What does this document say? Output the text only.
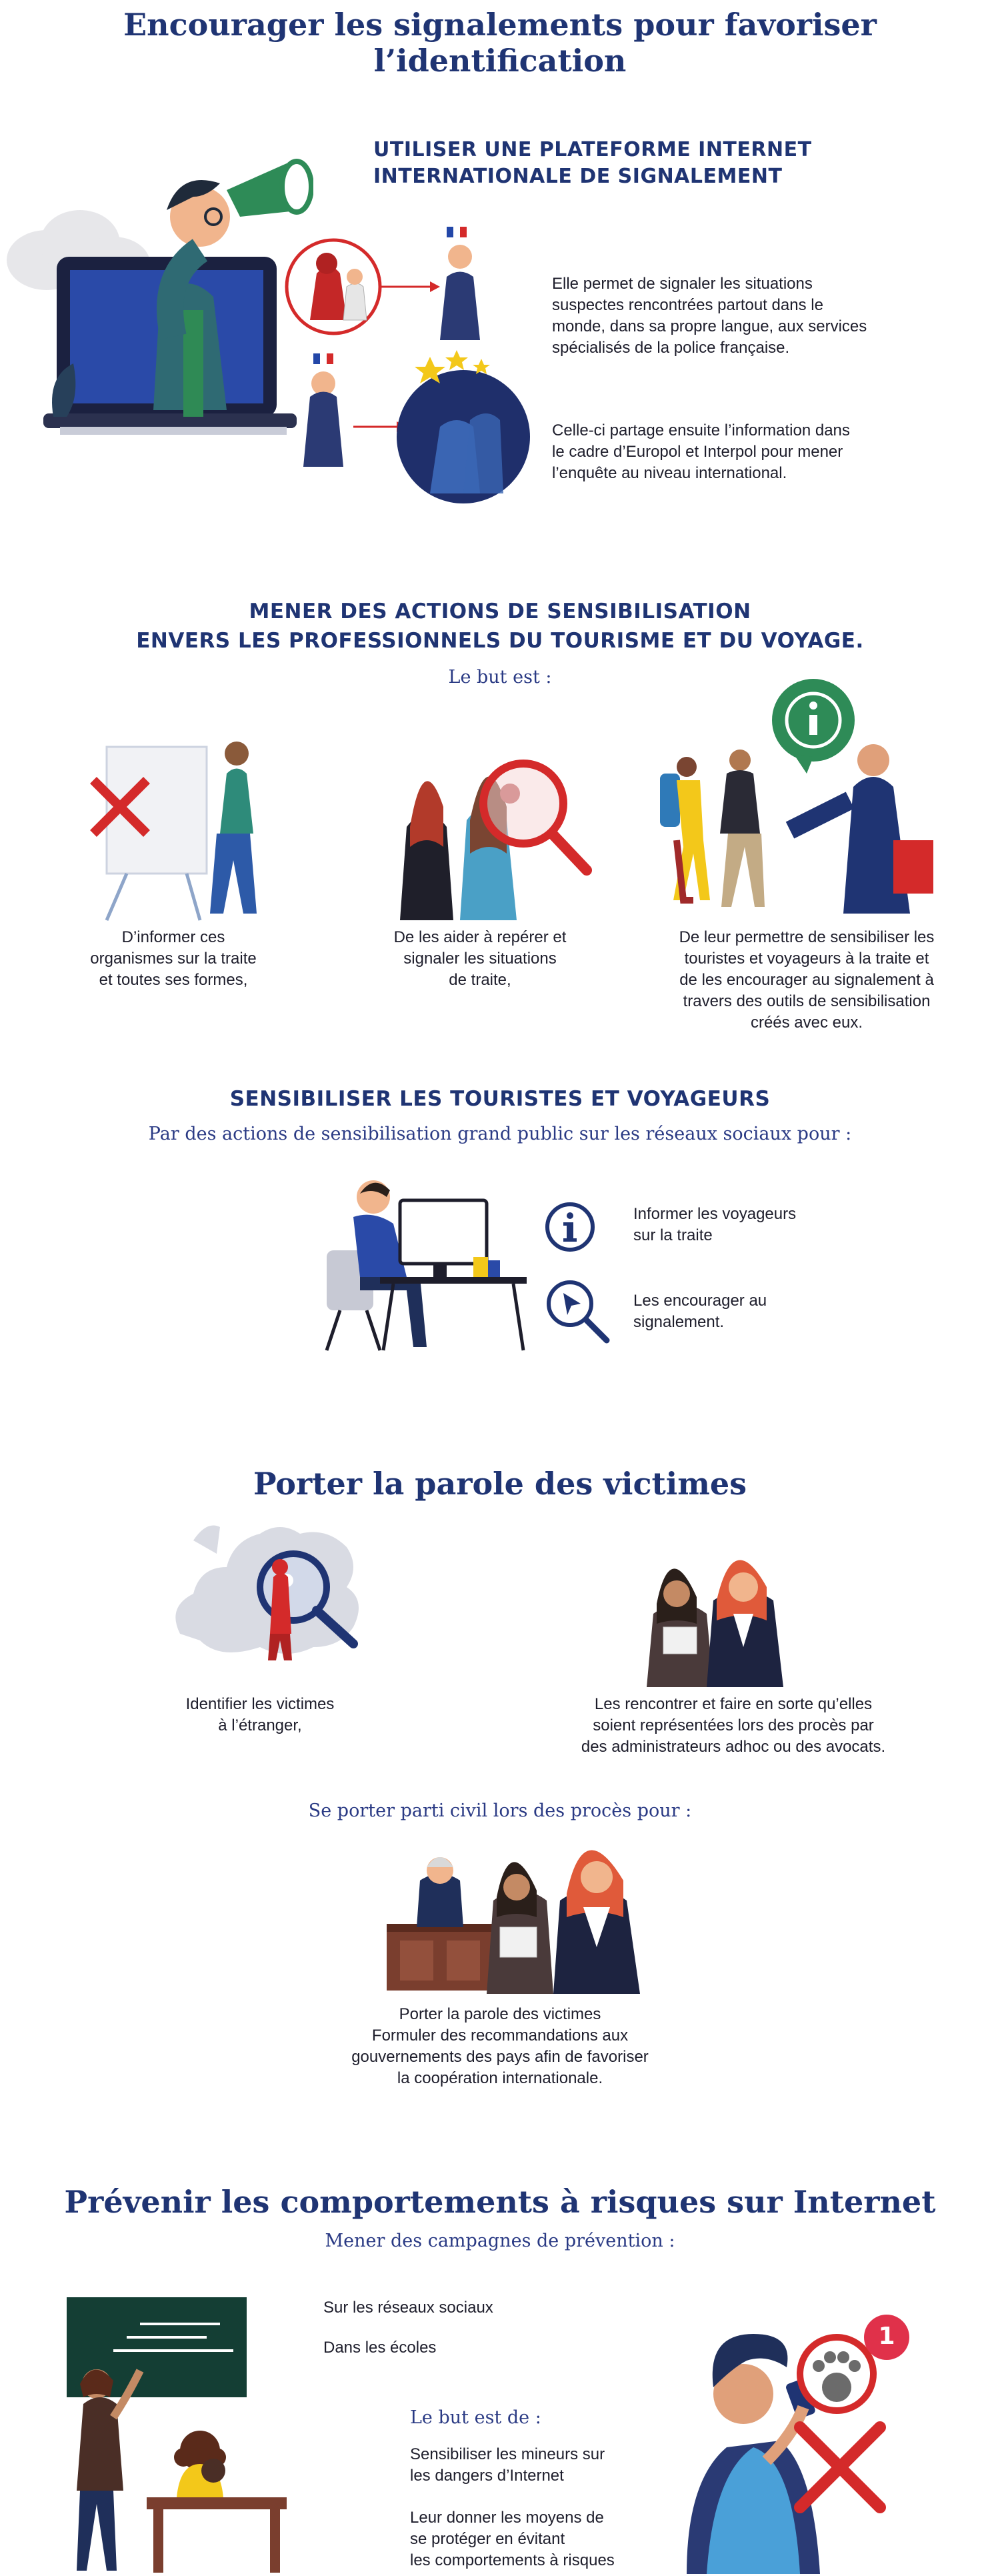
Encourager les signalements pour favoriser l’identification
UTILISER UNE PLATEFORME INTERNET
INTERNATIONALE DE SIGNALEMENT
Elle permet de signaler les situations
suspectes rencontrées partout dans le
monde, dans sa propre langue, aux services
spécialisés de la police française.
Celle-ci partage ensuite l’information dans
le cadre d’Europol et Interpol pour mener
l’enquête au niveau international.
MENER DES ACTIONS DE SENSIBILISATION
ENVERS LES PROFESSIONNELS DU TOURISME ET DU VOYAGE.
Le but est :
D’informer ces
organismes sur la traite
et toutes ses formes,
De les aider à repérer et
signaler les situations
de traite,
De leur permettre de sensibiliser les
touristes et voyageurs à la traite et
de les encourager au signalement à
travers des outils de sensibilisation
créés avec eux.
SENSIBILISER LES TOURISTES ET VOYAGEURS
Par des actions de sensibilisation grand public sur les réseaux sociaux pour :
Informer les voyageurs
sur la traite
Les encourager au
signalement.
Porter la parole des victimes
Identifier les victimes
à l’étranger,
Les rencontrer et faire en sorte qu’elles
soient représentées lors des procès par
des administrateurs adhoc ou des avocats.
Se porter parti civil lors des procès pour :
Porter la parole des victimes
Formuler des recommandations aux
gouvernements des pays afin de favoriser
la coopération internationale.
Prévenir les comportements à risques sur Internet
Mener des campagnes de prévention :
Sur les réseaux sociaux
Dans les écoles
Le but est de :
Sensibiliser les mineurs sur
les dangers d’Internet
Leur donner les moyens de
se protéger en évitant
les comportements à risques
1
